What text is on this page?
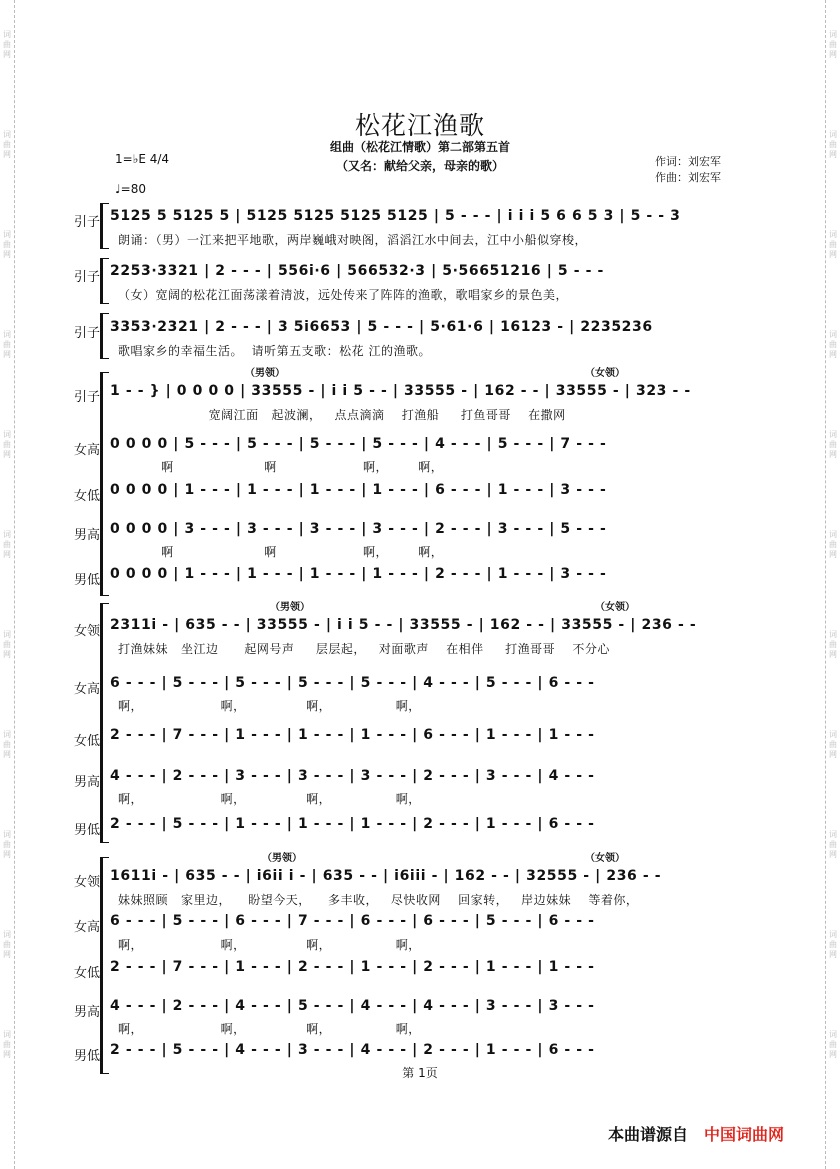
词曲网
词曲网
词曲网
词曲网
词曲网
词曲网
词曲网
词曲网
词曲网
词曲网
词曲网
词曲网
词曲网
词曲网
词曲网
词曲网
词曲网
词曲网
词曲网
词曲网
词曲网
词曲网
松花江渔歌
组曲（松花江情歌）第二部第五首
（又名：献给父亲，母亲的歌）	作词：刘宏军
作曲：刘宏军
1=♭E 4/4
♩=80
引子 5125 5 5125 5 | 5125 5125 5125 5125 | 5 - - - | i i i 5 6 6 5 3 | 5 - - 3
朗诵：（男）一江来把平地歌，两岸巍峨对映阁，滔滔江水中间去，江中小船似穿梭，
引子 2253·3321 | 2 - - - | 556i·6 | 566532·3 | 5·56651216 | 5 - - -
（女）宽阔的松花江面荡漾着清波，远处传来了阵阵的渔歌，歌唱家乡的景色美，
引子 3353·2321 | 2 - - - | 3 5i6653 | 5 - - - | 5·61·6 | 16123 - | 2235236
歌唱家乡的幸福生活。  请听第五支歌：松花 江的渔歌。
（男领）	（女领）
引子 1 - - } | 0 0 0 0 | 33555 - | i i 5 - - | 33555 - | 162 - - | 33555 - | 323 - -
宽阔江面   起波澜，   点点滴滴    打渔船     打鱼哥哥    在撒网
女高 0 0 0 0 | 5 - - - | 5 - - - | 5 - - - | 5 - - - | 4 - - - | 5 - - - | 7 - - -
啊                     啊                    啊，       啊，
女低 0 0 0 0 | 1 - - - | 1 - - - | 1 - - - | 1 - - - | 6 - - - | 1 - - - | 3 - - -
男高 0 0 0 0 | 3 - - - | 3 - - - | 3 - - - | 3 - - - | 2 - - - | 3 - - - | 5 - - -
啊                     啊                    啊，       啊，
男低 0 0 0 0 | 1 - - - | 1 - - - | 1 - - - | 1 - - - | 2 - - - | 1 - - - | 3 - - -
（男领）	（女领）
女领 2311i - | 635 - - | 33555 - | i i 5 - - | 33555 - | 162 - - | 33555 - | 236 - -
打渔妹妹   坐江边      起网号声     层层起，   对面歌声    在相伴     打渔哥哥    不分心
女高 6 - - - | 5 - - - | 5 - - - | 5 - - - | 5 - - - | 4 - - - | 5 - - - | 6 - - -
啊，                  啊，              啊，               啊，
女低 2 - - - | 7 - - - | 1 - - - | 1 - - - | 1 - - - | 6 - - - | 1 - - - | 1 - - -
男高 4 - - - | 2 - - - | 3 - - - | 3 - - - | 3 - - - | 2 - - - | 3 - - - | 4 - - -
啊，                  啊，              啊，               啊，
男低 2 - - - | 5 - - - | 1 - - - | 1 - - - | 1 - - - | 2 - - - | 1 - - - | 6 - - -
（男领）	（女领）
女领 1611i - | 635 - - | i6ii i - | 635 - - | i6iii - | 162 - - | 32555 - | 236 - -
妹妹照顾   家里边，    盼望今天，    多丰收，   尽快收网    回家转，   岸边妹妹    等着你，
女高 6 - - - | 5 - - - | 6 - - - | 7 - - - | 6 - - - | 6 - - - | 5 - - - | 6 - - -
啊，                  啊，              啊，               啊，
女低 2 - - - | 7 - - - | 1 - - - | 2 - - - | 1 - - - | 2 - - - | 1 - - - | 1 - - -
男高 4 - - - | 2 - - - | 4 - - - | 5 - - - | 4 - - - | 4 - - - | 3 - - - | 3 - - -
啊，                  啊，              啊，               啊，
男低 2 - - - | 5 - - - | 4 - - - | 3 - - - | 4 - - - | 2 - - - | 1 - - - | 6 - - -
第 1页
本曲谱源自 中国词曲网
